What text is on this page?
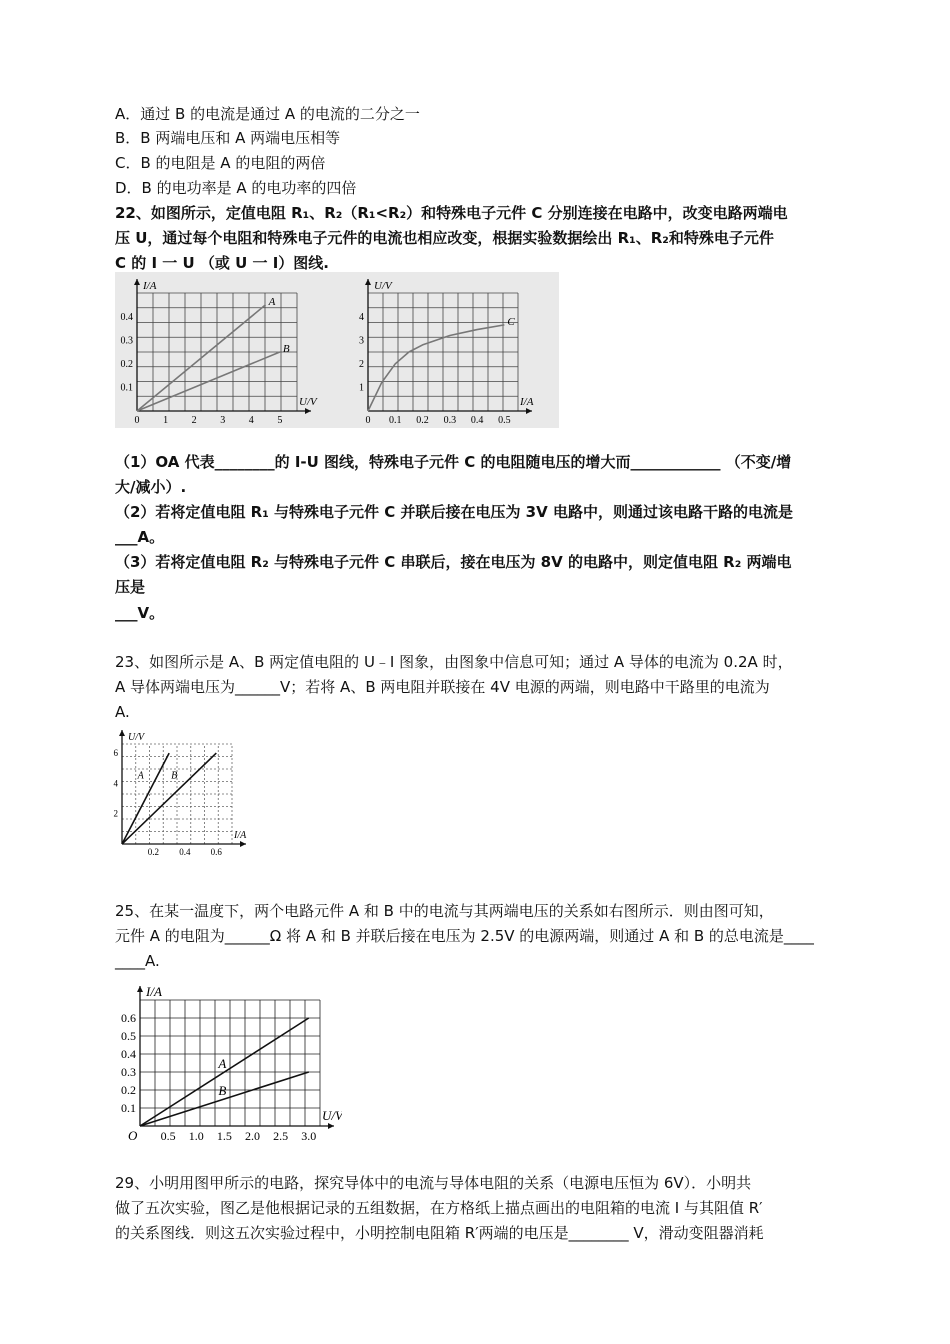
A．通过 B 的电流是通过 A 的电流的二分之一
B．B 两端电压和 A 两端电压相等
C．B 的电阻是 A 的电阻的两倍
D．B 的电功率是 A 的电功率的四倍
22、如图所示，定值电阻 R₁、R₂（R₁<R₂）和特殊电子元件 C 分别连接在电路中，改变电路两端电
压 U，通过每个电阻和特殊电子元件的电流也相应改变，根据实验数据绘出 R₁、R₂和特殊电子元件
C 的 I 一 U （或 U 一 I）图线.
I/A
U/V
0 1 2 3 4 5
0.1
0.2
0.3
0.4
A
B
U/V
I/A
0 0.1 0.2 0.3 0.4 0.5
1
2
3
4	C
（1）OA 代表________的 I-U 图线，特殊电子元件 C 的电阻随电压的增大而____________ （不变/增
大/减小）.
（2）若将定值电阻 R₁ 与特殊电子元件 C 并联后接在电压为 3V 电路中，则通过该电路干路的电流是
___A。
（3）若将定值电阻 R₂ 与特殊电子元件 C 串联后，接在电压为 8V 的电路中，则定值电阻 R₂ 两端电
压是
___V。
23、如图所示是 A、B 两定值电阻的 U﹣I 图象，由图象中信息可知；通过 A 导体的电流为 0.2A 时，
A 导体两端电压为______V；若将 A、B 两电阻并联接在 4V 电源的两端，则电路中干路里的电流为
A.
U/V
I/A
0.2 0.4 0.6
2
4
6
A	B
25、在某一温度下，两个电路元件 A 和 B 中的电流与其两端电压的关系如右图所示．则由图可知，
元件 A 的电阻为______Ω 将 A 和 B 并联后接在电压为 2.5V 的电源两端，则通过 A 和 B 的总电流是____
____A.
I/A
U/V
0.5 1.0 1.5 2.0 2.5 3.0
0.1
0.2
0.3
0.4
0.5
0.6
O
A
B
29、小明用图甲所示的电路，探究导体中的电流与导体电阻的关系（电源电压恒为 6V）．小明共
做了五次实验，图乙是他根据记录的五组数据，在方格纸上描点画出的电阻箱的电流 I 与其阻值 R′
的关系图线．则这五次实验过程中，小明控制电阻箱 R′两端的电压是________ V，滑动变阻器消耗
